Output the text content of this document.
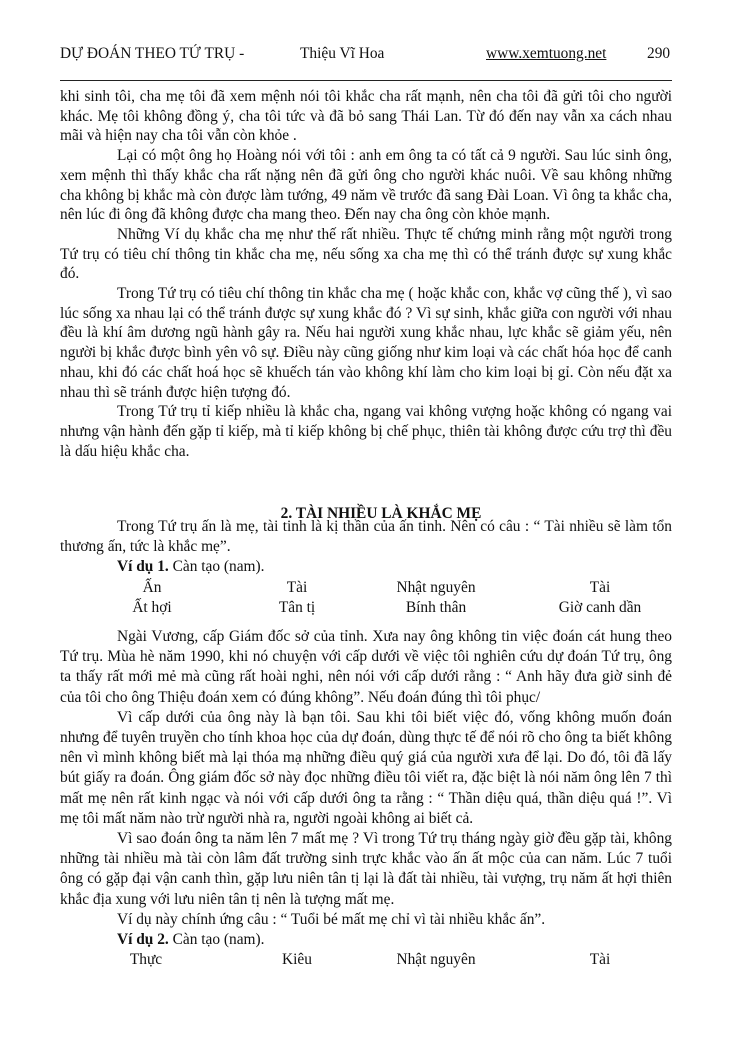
DỰ ĐOÁN THEO TỨ TRỤ -	Thiệu Vĩ Hoa	www.xemtuong.net	290

khi sinh tôi, cha mẹ tôi đã xem mệnh nói tôi khắc cha rất mạnh, nên cha tôi đã gửi tôi cho người khác. Mẹ tôi không đồng ý, cha tôi tức và đã bỏ sang Thái Lan. Từ đó đến nay vẫn xa cách nhau mãi và hiện nay cha tôi vẫn còn khỏe .

Lại có một ông họ Hoàng nói với tôi : anh em ông ta có tất cả 9 người. Sau lúc sinh ông, xem mệnh thì thấy khắc cha rất nặng nên đã gửi ông cho người khác nuôi. Về sau không những cha không bị khắc mà còn được làm tướng, 49 năm về trước đã sang Đài Loan. Vì ông ta khắc cha, nên lúc đi ông đã không được cha mang theo. Đến nay cha ông còn khỏe mạnh.

Những Ví dụ khắc cha mẹ như thế rất nhiều. Thực tế chứng minh rằng một người trong Tứ trụ có tiêu chí thông tin khắc cha mẹ, nếu sống xa cha mẹ thì có thể tránh được sự xung khắc đó.

Trong Tứ trụ có tiêu chí thông tin khắc cha mẹ ( hoặc khắc con, khắc vợ cũng thế ), vì sao lúc sống xa nhau lại có thể tránh được sự xung khắc đó ? Vì sự sinh, khắc giữa con người với nhau đều là khí âm dương ngũ hành gây ra. Nếu hai người xung khắc nhau, lực khắc sẽ giảm yếu, nên người bị khắc được bình yên vô sự. Điều này cũng giống như kim loại và các chất hóa học để canh nhau, khi đó các chất hoá học sẽ khuếch tán vào không khí làm cho kim loại bị gỉ. Còn nếu đặt xa nhau thì sẽ tránh được hiện tượng đó.

Trong Tứ trụ tỉ kiếp nhiều là khắc cha, ngang vai không vượng hoặc không có ngang vai nhưng vận hành đến gặp tỉ kiếp, mà tỉ kiếp không bị chế phục, thiên tài không được cứu trợ thì đều là dấu hiệu khắc cha.

2. TÀI NHIỀU LÀ KHẮC MẸ

Trong Tứ trụ ấn là mẹ, tài tinh là kị thần của ấn tinh. Nên có câu : “ Tài nhiều sẽ làm tổn thương ấn, tức là khắc mẹ”.

Ví dụ 1. Càn tạo (nam).
Ấn	Tài	Nhật nguyên	Tài
Ất hợi	Tân tị	Bính thân	Giờ canh dần

Ngài Vương, cấp Giám đốc sở của tỉnh. Xưa nay ông không tin việc đoán cát hung theo Tứ trụ. Mùa hè năm 1990, khi nó chuyện với cấp dưới về việc tôi nghiên cứu dự đoán Tứ trụ, ông ta thấy rất mới mẻ mà cũng rất hoài nghi, nên nói với cấp dưới rằng : “ Anh hãy đưa giờ sinh đẻ của tôi cho ông Thiệu đoán xem có đúng không”. Nếu đoán đúng thì tôi phục/

Vì cấp dưới của ông này là bạn tôi. Sau khi tôi biết việc đó, vống không muốn đoán nhưng để tuyên truyền cho tính khoa học của dự đoán, dùng thực tế để nói rõ cho ông ta biết không nên vì mình không biết mà lại thóa mạ những điều quý giá của người xưa để lại. Do đó, tôi đã lấy bút giấy ra đoán. Ông giám đốc sở này đọc những điều tôi viết ra, đặc biệt là nói năm ông lên 7 thì mất mẹ nên rất kinh ngạc và nói với cấp dưới ông ta rằng : “ Thần diệu quá, thần diệu quá !”. Vì mẹ tôi mất năm nào trừ người nhà ra, người ngoài không ai biết cả.

Vì sao đoán ông ta năm lên 7 mất mẹ ? Vì trong Tứ trụ tháng ngày giờ đều gặp tài, không những tài nhiều mà tài còn lâm đất trường sinh trực khắc vào ấn ất mộc của can năm. Lúc 7 tuổi ông có gặp đại vận canh thìn, gặp lưu niên tân tị lại là đất tài nhiều, tài vượng, trụ năm ất hợi thiên khắc địa xung với lưu niên tân tị nên là tượng mất mẹ.

Ví dụ này chính ứng câu : “ Tuổi bé mất mẹ chỉ vì tài nhiều khắc ấn”.

Ví dụ 2. Càn tạo (nam).
Thực	Kiêu	Nhật nguyên	Tài
